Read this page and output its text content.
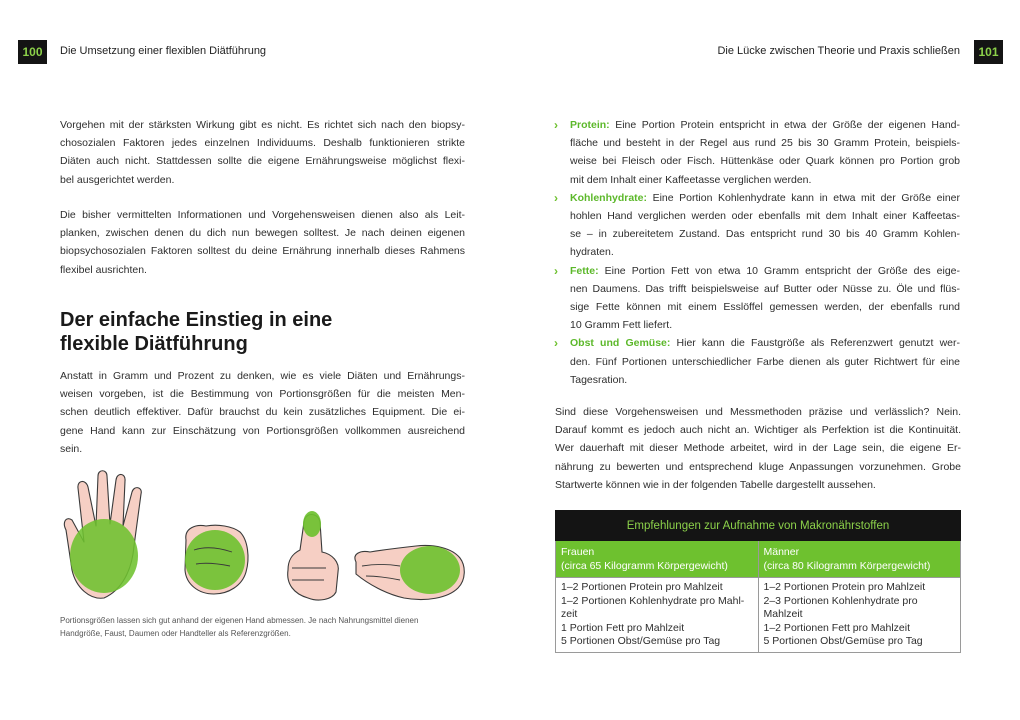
100	Die Umsetzung einer flexiblen Diätführung	Die Lücke zwischen Theorie und Praxis schließen	101
Vorgehen mit der stärksten Wirkung gibt es nicht. Es richtet sich nach den biopsy-
chosozialen Faktoren jedes einzelnen Individuums. Deshalb funktionieren strikte
Diäten auch nicht. Stattdessen sollte die eigene Ernährungsweise möglichst flexi-
bel ausgerichtet werden.
Die bisher vermittelten Informationen und Vorgehensweisen dienen also als Leit-
planken, zwischen denen du dich nun bewegen solltest. Je nach deinen eigenen
biopsychosozialen Faktoren solltest du deine Ernährung innerhalb dieses Rahmens
flexibel ausrichten.
Der einfache Einstieg in eine
flexible Diätführung
Anstatt in Gramm und Prozent zu denken, wie es viele Diäten und Ernährungs-
weisen vorgeben, ist die Bestimmung von Portionsgrößen für die meisten Men-
schen deutlich effektiver. Dafür brauchst du kein zusätzliches Equipment. Die ei-
gene Hand kann zur Einschätzung von Portionsgrößen vollkommen ausreichend
sein.
Portionsgrößen lassen sich gut anhand der eigenen Hand abmessen. Je nach Nahrungsmittel dienen
Handgröße, Faust, Daumen oder Handteller als Referenzgrößen.
› Protein: Eine Portion Protein entspricht in etwa der Größe der eigenen Hand-
fläche und besteht in der Regel aus rund 25 bis 30 Gramm Protein, beispiels-
weise bei Fleisch oder Fisch. Hüttenkäse oder Quark können pro Portion grob
mit dem Inhalt einer Kaffeetasse verglichen werden.
› Kohlenhydrate: Eine Portion Kohlenhydrate kann in etwa mit der Größe einer
hohlen Hand verglichen werden oder ebenfalls mit dem Inhalt einer Kaffeetas-
se – in zubereitetem Zustand. Das entspricht rund 30 bis 40 Gramm Kohlen-
hydraten.
› Fette: Eine Portion Fett von etwa 10 Gramm entspricht der Größe des eige-
nen Daumens. Das trifft beispielsweise auf Butter oder Nüsse zu. Öle und flüs-
sige Fette können mit einem Esslöffel gemessen werden, der ebenfalls rund
10 Gramm Fett liefert.
› Obst und Gemüse: Hier kann die Faustgröße als Referenzwert genutzt wer-
den. Fünf Portionen unterschiedlicher Farbe dienen als guter Richtwert für eine
Tagesration.
Sind diese Vorgehensweisen und Messmethoden präzise und verlässlich? Nein.
Darauf kommt es jedoch auch nicht an. Wichtiger als Perfektion ist die Kontinuität.
Wer dauerhaft mit dieser Methode arbeitet, wird in der Lage sein, die eigene Er-
nährung zu bewerten und entsprechend kluge Anpassungen vorzunehmen. Grobe
Startwerte können wie in der folgenden Tabelle dargestellt aussehen.
Empfehlungen zur Aufnahme von Makronährstoffen	

Frauen
(circa 65 Kilogramm Körpergewicht)	Männer
(circa 80 Kilogramm Körpergewicht)

1–2 Portionen Protein pro Mahlzeit
1–2 Portionen Kohlenhydrate pro Mahl-
zeit
1 Portion Fett pro Mahlzeit
5 Portionen Obst/Gemüse pro Tag	1–2 Portionen Protein pro Mahlzeit
2–3 Portionen Kohlenhydrate pro
Mahlzeit
1–2 Portionen Fett pro Mahlzeit
5 Portionen Obst/Gemüse pro Tag
